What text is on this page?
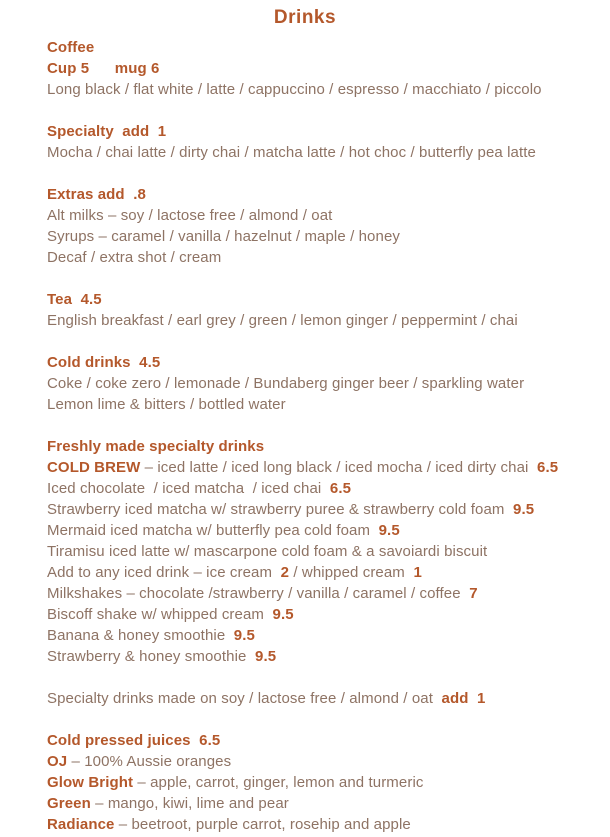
Drinks
Coffee
Cup 5      mug 6
Long black / flat white / latte / cappuccino / espresso / macchiato / piccolo
Specialty  add  1
Mocha / chai latte / dirty chai / matcha latte / hot choc / butterfly pea latte
Extras add  .8
Alt milks – soy / lactose free / almond / oat
Syrups – caramel / vanilla / hazelnut / maple / honey
Decaf / extra shot / cream
Tea  4.5
English breakfast / earl grey / green / lemon ginger / peppermint / chai
Cold drinks  4.5
Coke / coke zero / lemonade / Bundaberg ginger beer / sparkling water
Lemon lime & bitters / bottled water
Freshly made specialty drinks
COLD BREW – iced latte / iced long black / iced mocha / iced dirty chai  6.5
Iced chocolate  / iced matcha  / iced chai  6.5
Strawberry iced matcha w/ strawberry puree & strawberry cold foam  9.5
Mermaid iced matcha w/ butterfly pea cold foam  9.5
Tiramisu iced latte w/ mascarpone cold foam & a savoiardi biscuit
Add to any iced drink – ice cream  2 / whipped cream  1
Milkshakes – chocolate /strawberry / vanilla / caramel / coffee  7
Biscoff shake w/ whipped cream  9.5
Banana & honey smoothie  9.5
Strawberry & honey smoothie  9.5
Specialty drinks made on soy / lactose free / almond / oat  add  1
Cold pressed juices  6.5
OJ – 100% Aussie oranges
Glow Bright – apple, carrot, ginger, lemon and turmeric
Green – mango, kiwi, lime and pear
Radiance – beetroot, purple carrot, rosehip and apple
